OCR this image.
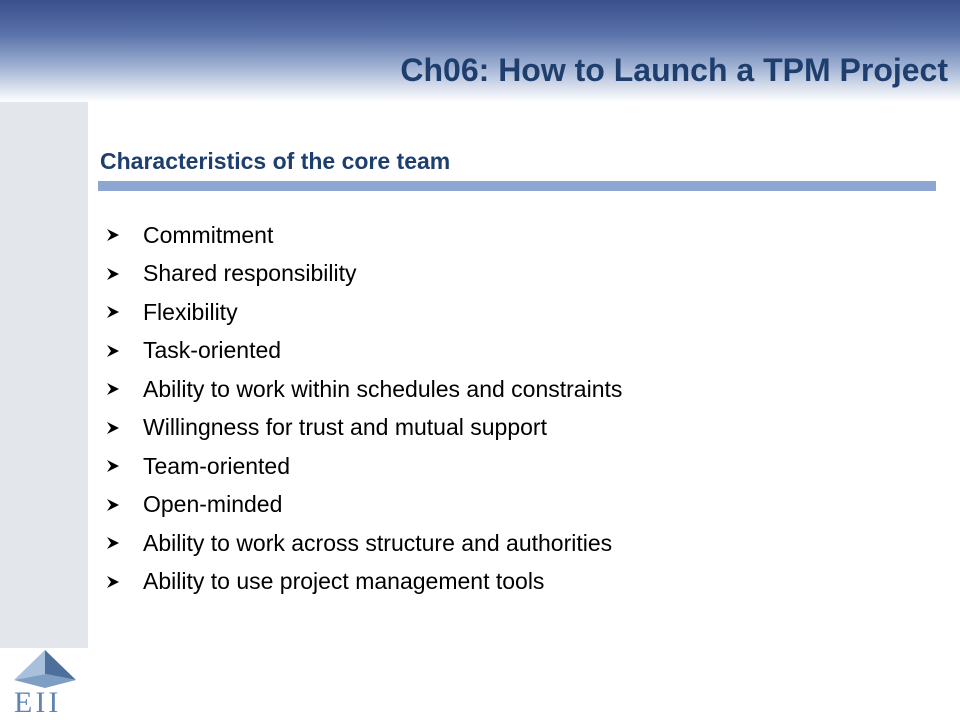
Ch06: How to Launch a TPM Project
EII
Characteristics of the core team
Commitment
Shared responsibility
Flexibility
Task-oriented
Ability to work within schedules and constraints
Willingness for trust and mutual support
Team-oriented
Open-minded
Ability to work across structure and authorities
Ability to use project management tools
